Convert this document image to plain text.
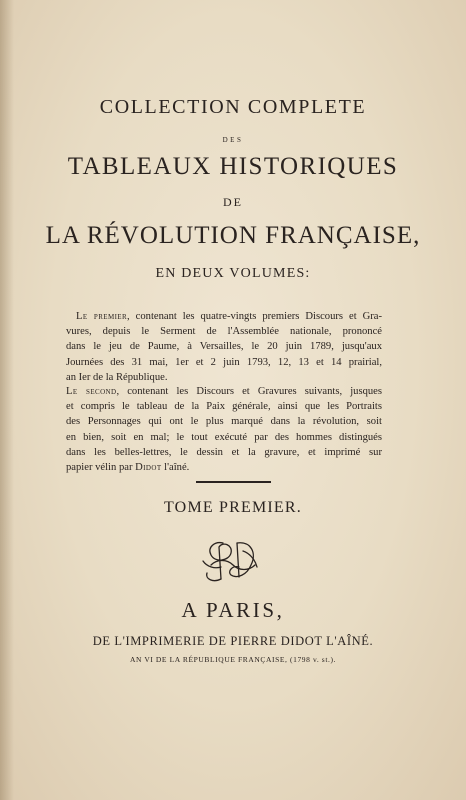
COLLECTION COMPLETE
DES
TABLEAUX HISTORIQUES
DE
LA RÉVOLUTION FRANÇAISE,
EN DEUX VOLUMES:
Le premier, contenant les quatre-vingts premiers Discours et Gra-
vures, depuis le Serment de l'Assemblée nationale, prononcé
dans le jeu de Paume, à Versailles, le 20 juin 1789, jusqu'aux
Journées des 31 mai, 1er et 2 juin 1793, 12, 13 et 14 prairial,
an Ier de la République.
Le second, contenant les Discours et Gravures suivants, jusques
et compris le tableau de la Paix générale, ainsi que les Portraits
des Personnages qui ont le plus marqué dans la révolution, soit
en bien, soit en mal; le tout exécuté par des hommes distingués
dans les belles-lettres, le dessin et la gravure, et imprimé sur
papier vélin par Didot l'aîné.
TOME PREMIER.
A PARIS,
DE L'IMPRIMERIE DE PIERRE DIDOT L'AÎNÉ.
AN VI DE LA RÉPUBLIQUE FRANÇAISE, (1798 v. st.).
